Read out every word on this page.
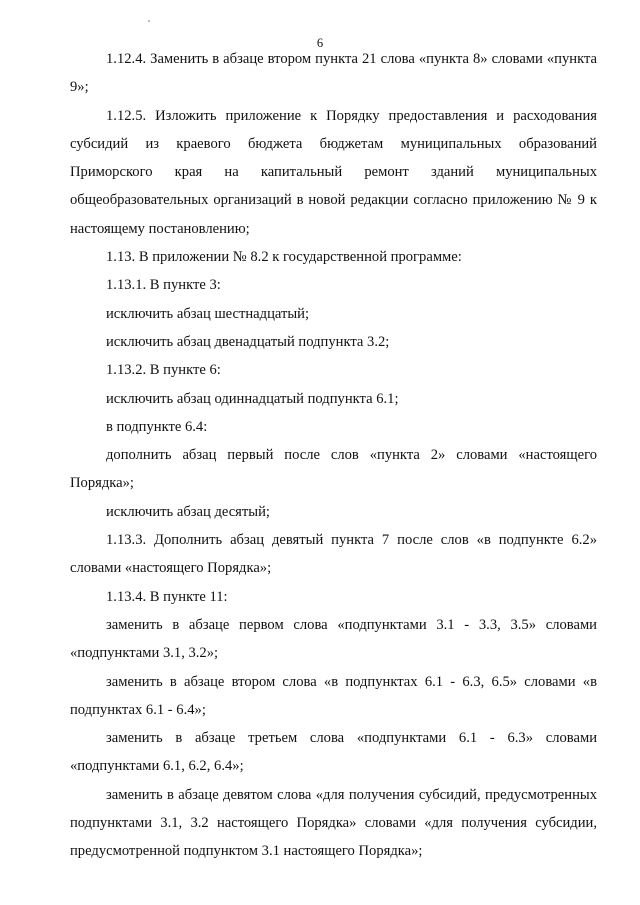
6

1.12.4. Заменить в абзаце втором пункта 21 слова «пункта 8» словами «пункта 9»;

1.12.5. Изложить приложение к Порядку предоставления и расходования субсидий из краевого бюджета бюджетам муниципальных образований Приморского края на капитальный ремонт зданий муниципальных общеобразовательных организаций в новой редакции согласно приложению № 9 к настоящему постановлению;

1.13. В приложении № 8.2 к государственной программе:

1.13.1. В пункте 3:

исключить абзац шестнадцатый;

исключить абзац двенадцатый подпункта 3.2;

1.13.2. В пункте 6:

исключить абзац одиннадцатый подпункта 6.1;

в подпункте 6.4:

дополнить абзац первый после слов «пункта 2» словами «настоящего Порядка»;

исключить абзац десятый;

1.13.3. Дополнить абзац девятый пункта 7 после слов «в подпункте 6.2» словами «настоящего Порядка»;

1.13.4. В пункте 11:

заменить в абзаце первом слова «подпунктами 3.1 - 3.3, 3.5» словами «подпунктами 3.1, 3.2»;

заменить в абзаце втором слова «в подпунктах 6.1 - 6.3, 6.5» словами «в подпунктах 6.1 - 6.4»;

заменить в абзаце третьем слова «подпунктами 6.1 - 6.3» словами «подпунктами 6.1, 6.2, 6.4»;

заменить в абзаце девятом слова «для получения субсидий, предусмотренных подпунктами 3.1, 3.2 настоящего Порядка» словами «для получения субсидии, предусмотренной подпунктом 3.1 настоящего Порядка»;
